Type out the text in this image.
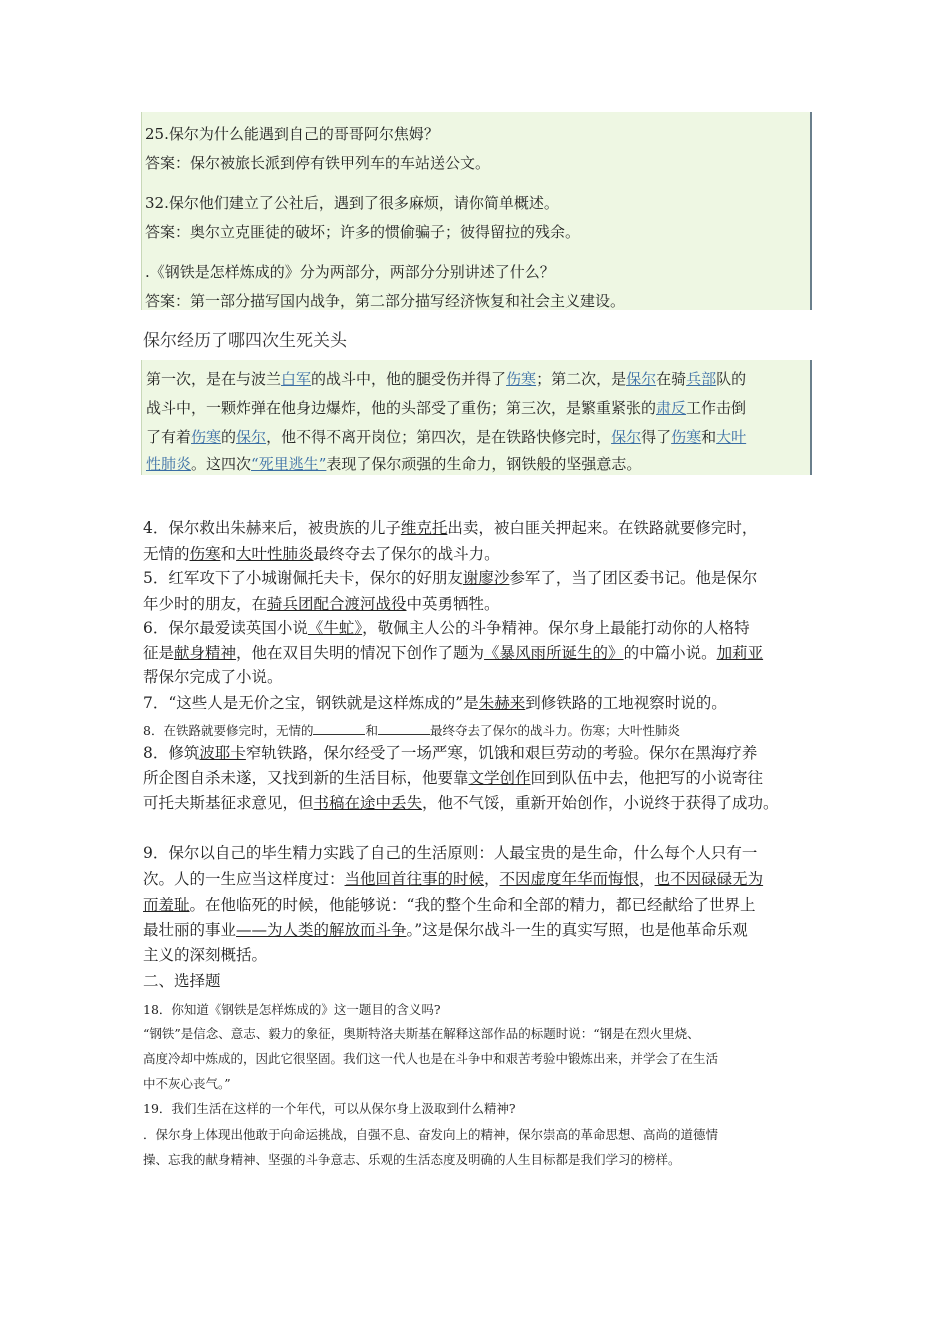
25.保尔为什么能遇到自己的哥哥阿尔焦姆？
答案：保尔被旅长派到停有铁甲列车的车站送公文。
32.保尔他们建立了公社后，遇到了很多麻烦，请你简单概述。
答案：奥尔立克匪徒的破坏；许多的惯偷骗子；彼得留拉的残余。
.《钢铁是怎样炼成的》分为两部分，两部分分别讲述了什么？
答案：第一部分描写国内战争，第二部分描写经济恢复和社会主义建设。
保尔经历了哪四次生死关头
第一次，是在与波兰白军的战斗中，他的腿受伤并得了伤寒；第二次，是保尔在骑兵部队的
战斗中，一颗炸弹在他身边爆炸，他的头部受了重伤；第三次，是繁重紧张的肃反工作击倒
了有着伤寒的保尔，他不得不离开岗位；第四次，是在铁路快修完时，保尔得了伤寒和大叶
性肺炎。这四次“死里逃生”表现了保尔顽强的生命力，钢铁般的坚强意志。
4．保尔救出朱赫来后，被贵族的儿子维克托出卖，被白匪关押起来。在铁路就要修完时，
无情的伤寒和大叶性肺炎最终夺去了保尔的战斗力。
5．红军攻下了小城谢佩托夫卡，保尔的好朋友谢廖沙参军了，当了团区委书记。他是保尔
年少时的朋友，在骑兵团配合渡河战役中英勇牺牲。
6．保尔最爱读英国小说《牛虻》，敬佩主人公的斗争精神。保尔身上最能打动你的人格特
征是献身精神，他在双目失明的情况下创作了题为《暴风雨所诞生的》的中篇小说。加莉亚
帮保尔完成了小说。
7．“这些人是无价之宝，钢铁就是这样炼成的”是朱赫来到修铁路的工地视察时说的。
8．在铁路就要修完时，无情的	和	最终夺去了保尔的战斗力。伤寒；大叶性肺炎
8．修筑波耶卡窄轨铁路，保尔经受了一场严寒，饥饿和艰巨劳动的考验。保尔在黑海疗养
所企图自杀未遂，又找到新的生活目标，他要靠文学创作回到队伍中去，他把写的小说寄往
可托夫斯基征求意见，但书稿在途中丢失，他不气馁，重新开始创作，小说终于获得了成功。
9．保尔以自己的毕生精力实践了自己的生活原则：人最宝贵的是生命，什么每个人只有一
次。人的一生应当这样度过：当他回首往事的时候，不因虚度年华而悔恨，也不因碌碌无为
而羞耻。在他临死的时候，他能够说：“我的整个生命和全部的精力，都已经献给了世界上
最壮丽的事业——为人类的解放而斗争。”这是保尔战斗一生的真实写照，也是他革命乐观
主义的深刻概括。
二、选择题
18．你知道《钢铁是怎样炼成的》这一题目的含义吗?
“钢铁”是信念、意志、毅力的象征，奥斯特洛夫斯基在解释这部作品的标题时说：“钢是在烈火里烧、
高度冷却中炼成的，因此它很坚固。我们这一代人也是在斗争中和艰苦考验中锻炼出来，并学会了在生活
中不灰心丧气。”
19．我们生活在这样的一个年代，可以从保尔身上汲取到什么精神?
．保尔身上体现出他敢于向命运挑战，自强不息、奋发向上的精神，保尔崇高的革命思想、高尚的道德情
操、忘我的献身精神、坚强的斗争意志、乐观的生活态度及明确的人生目标都是我们学习的榜样。
